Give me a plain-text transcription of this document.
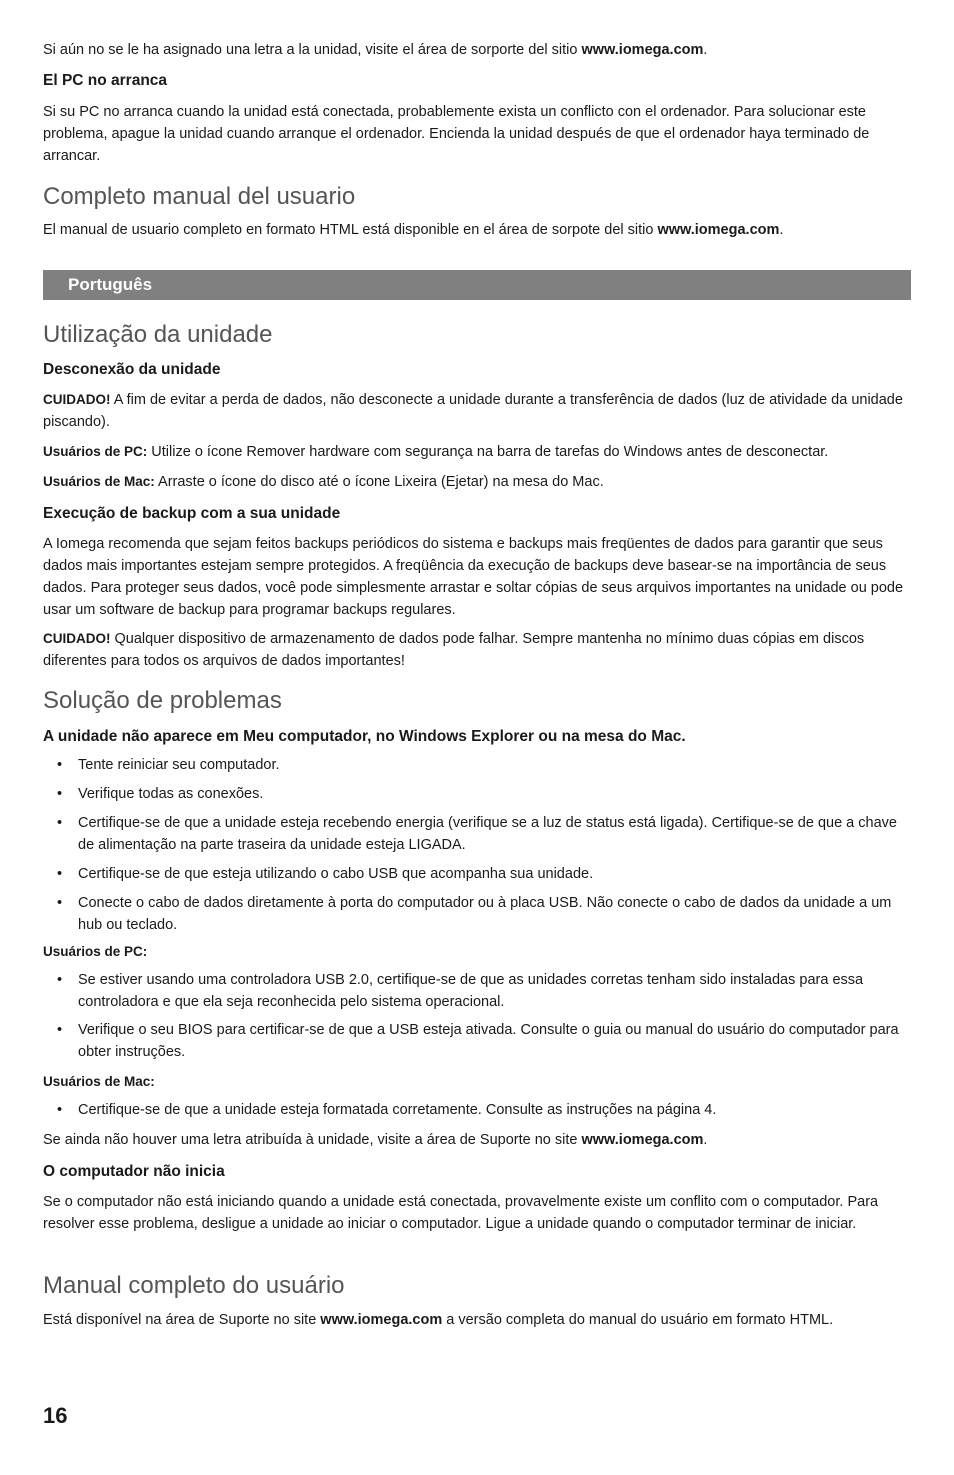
Si aún no se le ha asignado una letra a la unidad, visite el área de sorporte del sitio www.iomega.com.

El PC no arranca

Si su PC no arranca cuando la unidad está conectada, probablemente exista un conflicto con el ordenador. Para solucionar este problema, apague la unidad cuando arranque el ordenador. Encienda la unidad después de que el ordenador haya terminado de arrancar.

Completo manual del usuario

El manual de usuario completo en formato HTML está disponible en el área de sorpote del sitio www.iomega.com.

Português

Utilização da unidade

Desconexão da unidade

CUIDADO! A fim de evitar a perda de dados, não desconecte a unidade durante a transferência de dados (luz de atividade da unidade piscando).

Usuários de PC: Utilize o ícone Remover hardware com segurança na barra de tarefas do Windows antes de desconectar.

Usuários de Mac: Arraste o ícone do disco até o ícone Lixeira (Ejetar) na mesa do Mac.

Execução de backup com a sua unidade

A Iomega recomenda que sejam feitos backups periódicos do sistema e backups mais freqüentes de dados para garantir que seus dados mais importantes estejam sempre protegidos. A freqüência da execução de backups deve basear-se na importância de seus dados. Para proteger seus dados, você pode simplesmente arrastar e soltar cópias de seus arquivos importantes na unidade ou pode usar um software de backup para programar backups regulares.

CUIDADO! Qualquer dispositivo de armazenamento de dados pode falhar. Sempre mantenha no mínimo duas cópias em discos diferentes para todos os arquivos de dados importantes!

Solução de problemas

A unidade não aparece em Meu computador, no Windows Explorer ou na mesa do Mac.

• Tente reiniciar seu computador.
• Verifique todas as conexões.
• Certifique-se de que a unidade esteja recebendo energia (verifique se a luz de status está ligada). Certifique-se de que a chave de alimentação na parte traseira da unidade esteja LIGADA.
• Certifique-se de que esteja utilizando o cabo USB que acompanha sua unidade.
• Conecte o cabo de dados diretamente à porta do computador ou à placa USB. Não conecte o cabo de dados da unidade a um hub ou teclado.

Usuários de PC:

• Se estiver usando uma controladora USB 2.0, certifique-se de que as unidades corretas tenham sido instaladas para essa controladora e que ela seja reconhecida pelo sistema operacional.
• Verifique o seu BIOS para certificar-se de que a USB esteja ativada. Consulte o guia ou manual do usuário do computador para obter instruções.

Usuários de Mac:

• Certifique-se de que a unidade esteja formatada corretamente. Consulte as instruções na página 4.

Se ainda não houver uma letra atribuída à unidade, visite a área de Suporte no site www.iomega.com.

O computador não inicia

Se o computador não está iniciando quando a unidade está conectada, provavelmente existe um conflito com o computador. Para resolver esse problema, desligue a unidade ao iniciar o computador. Ligue a unidade quando o computador terminar de iniciar.

Manual completo do usuário

Está disponível na área de Suporte no site www.iomega.com a versão completa do manual do usuário em formato HTML.

16
